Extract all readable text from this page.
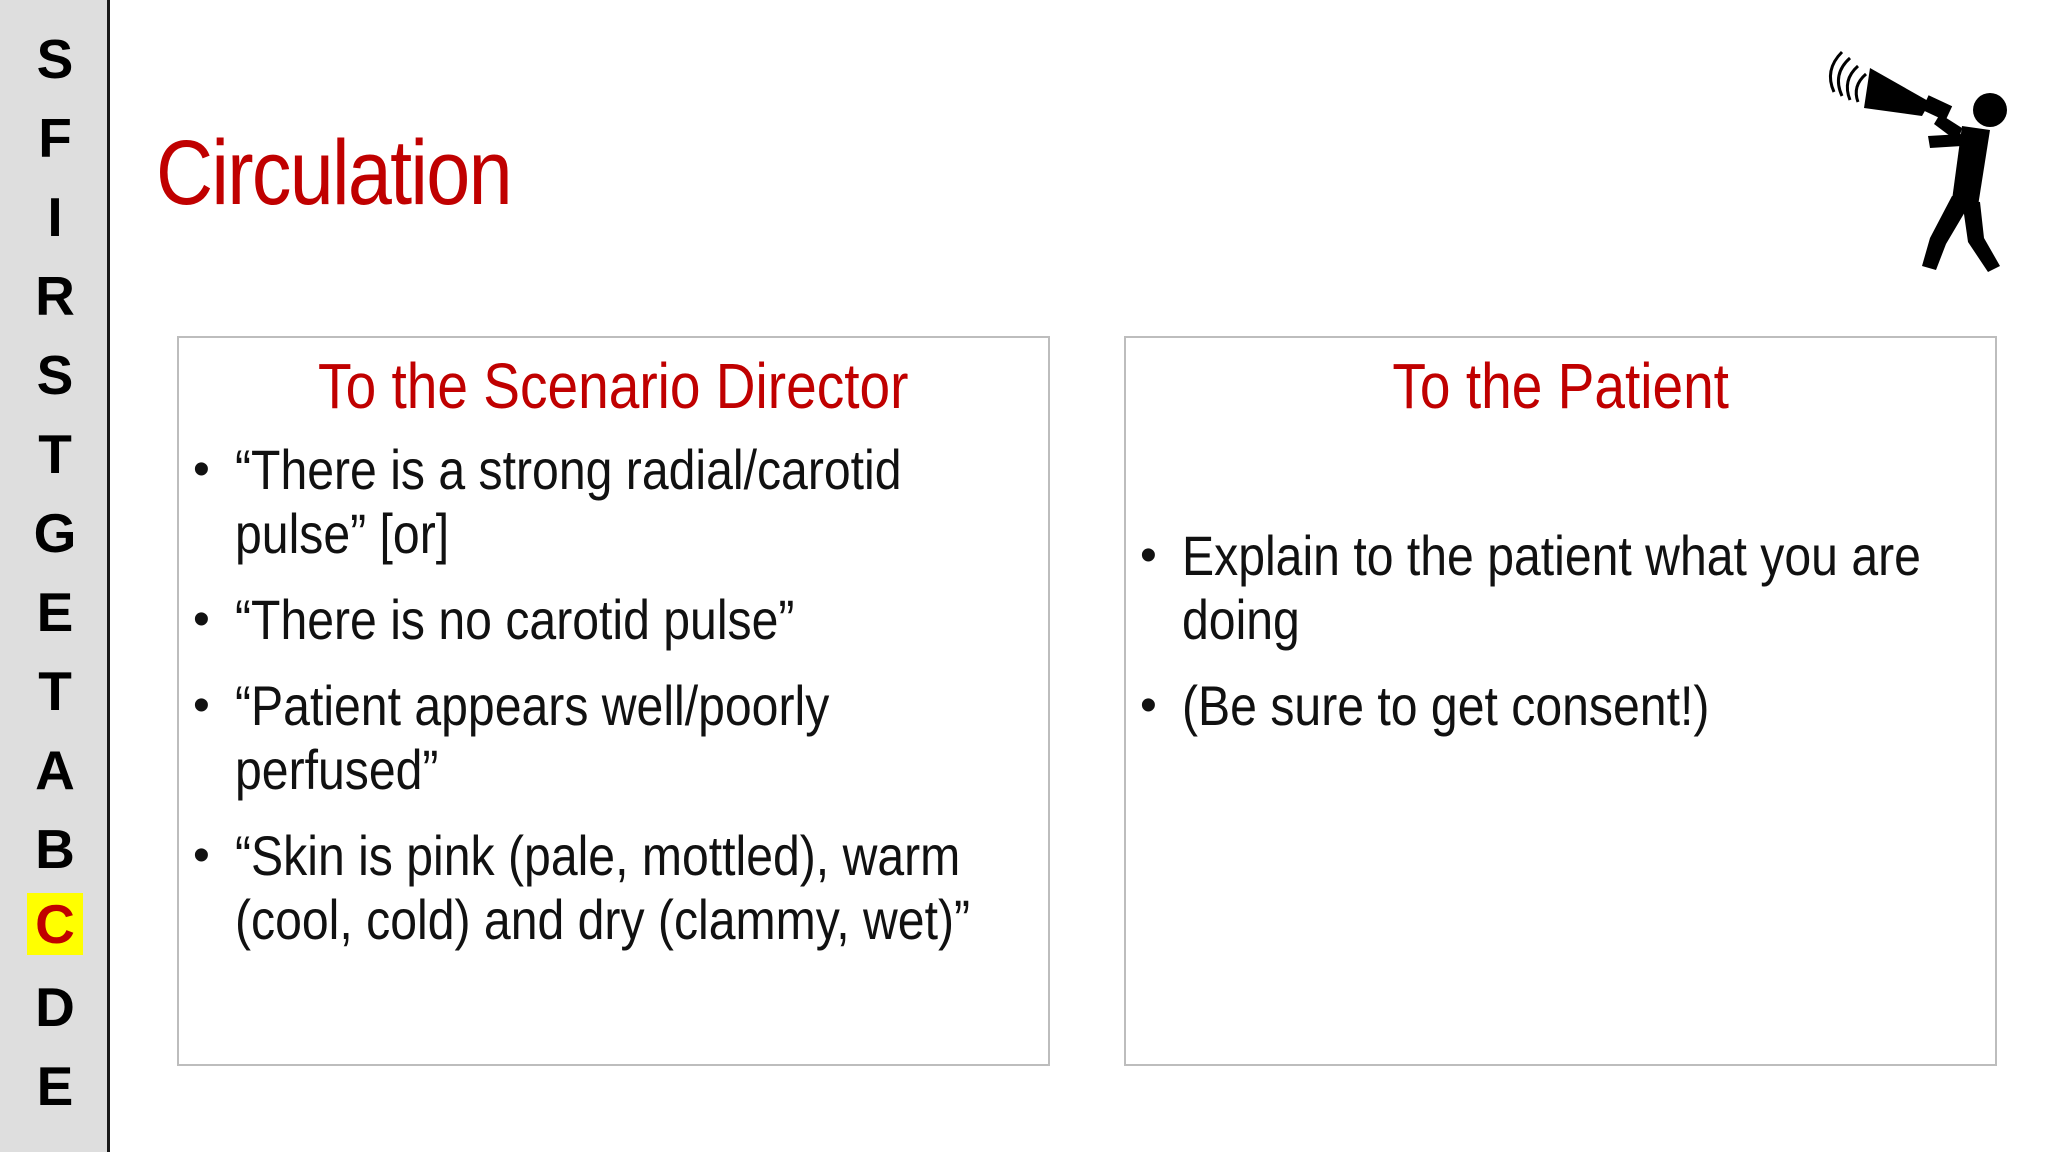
S
F
I
R
S
T
G
E
T
A
B
C
D
E
Circulation
To the Scenario Director
• “There is a strong radial/carotid pulse” [or]
• “There is no carotid pulse”
• “Patient appears well/poorly perfused”
• “Skin is pink (pale, mottled), warm (cool, cold) and dry (clammy, wet)”
To the Patient
• Explain to the patient what you are doing
• (Be sure to get consent!)
